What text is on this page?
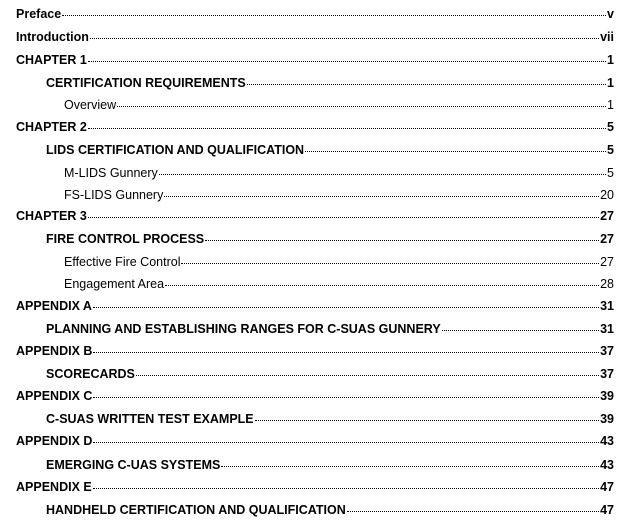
Preface	v
Introduction	vii
CHAPTER 1	1
CERTIFICATION REQUIREMENTS	1
Overview	1
CHAPTER 2	5
LIDS CERTIFICATION AND QUALIFICATION	5
M-LIDS Gunnery	5
FS-LIDS Gunnery	20
CHAPTER 3	27
FIRE CONTROL PROCESS	27
Effective Fire Control	27
Engagement Area	28
APPENDIX A	31
PLANNING AND ESTABLISHING RANGES FOR C-SUAS GUNNERY	31
APPENDIX B	37
SCORECARDS	37
APPENDIX C	39
C-SUAS WRITTEN TEST EXAMPLE	39
APPENDIX D	43
EMERGING C-UAS SYSTEMS	43
APPENDIX E	47
HANDHELD CERTIFICATION AND QUALIFICATION	47
